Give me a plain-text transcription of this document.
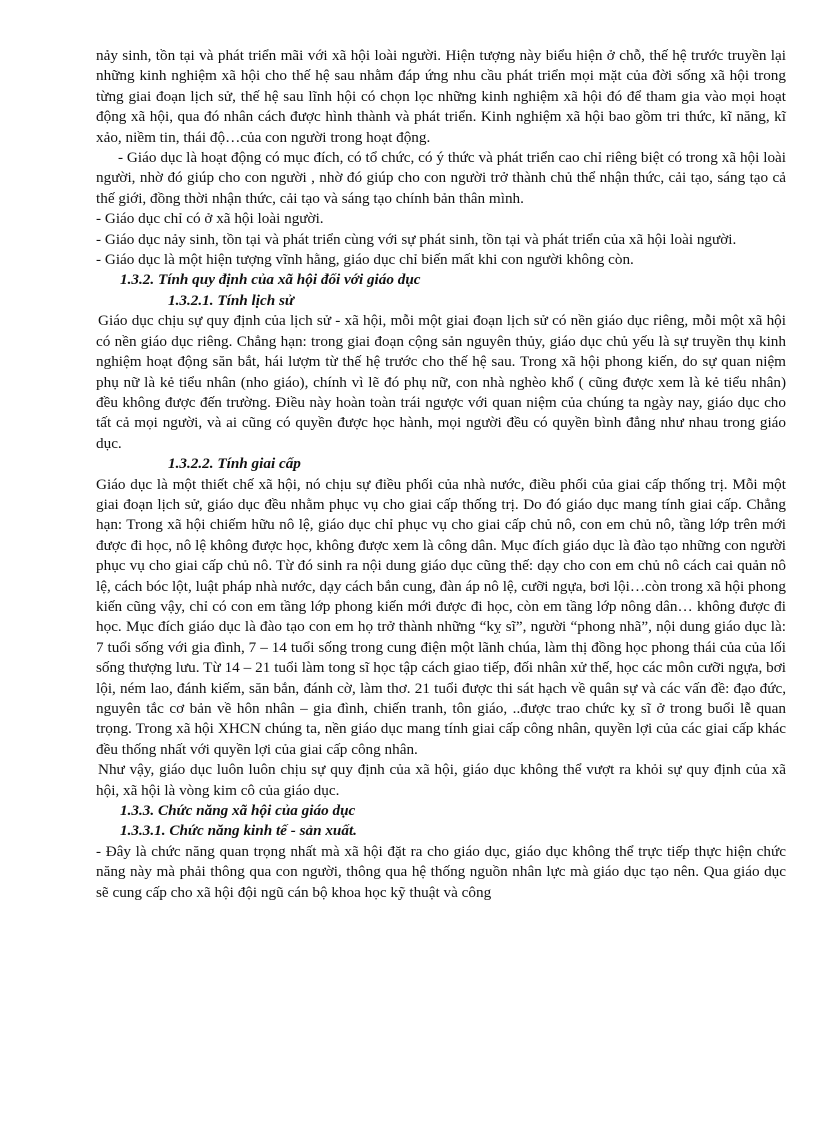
nảy sinh, tồn tại và phát triển mãi với xã hội loài người. Hiện tượng này biểu hiện ở chỗ, thế hệ trước truyền lại những kinh nghiệm xã hội cho thế hệ sau nhằm đáp ứng nhu cầu phát triển mọi mặt của đời sống xã hội trong từng giai đoạn lịch sử, thế hệ sau lĩnh hội có chọn lọc những kinh nghiệm xã hội đó để tham gia vào mọi hoạt động xã hội, qua đó nhân cách được hình thành và phát triển. Kinh nghiệm xã hội bao gồm tri thức, kĩ năng, kĩ xảo, niềm tin, thái độ…của con người trong hoạt động.

- Giáo dục là hoạt động có mục đích, có tổ chức, có ý thức và phát triển cao chỉ riêng biệt có trong xã hội loài người, nhờ đó giúp cho con người , nhờ đó giúp cho con người trở thành chủ thể nhận thức, cải tạo, sáng tạo cả thế giới, đồng thời nhận thức, cải tạo và sáng tạo chính bản thân mình.

- Giáo dục chỉ có ở xã hội loài người.

- Giáo dục nảy sinh, tồn tại và phát triển cùng với sự phát sinh, tồn tại và phát triển của xã hội loài người.

- Giáo dục là một hiện tượng vĩnh hằng, giáo dục chỉ biến mất khi con người không còn.

1.3.2. Tính quy định của xã hội đối với giáo dục

1.3.2.1. Tính lịch sử

Giáo dục chịu sự quy định của lịch sử - xã hội, mỗi một giai đoạn lịch sử có nền giáo dục riêng, mỗi một xã hội có nền giáo dục riêng. Chẳng hạn: trong giai đoạn cộng sản nguyên thủy, giáo dục chủ yếu là sự truyền thụ kinh nghiệm hoạt động săn bắt, hái lượm từ thế hệ trước cho thế hệ sau. Trong xã hội phong kiến, do sự quan niệm phụ nữ là kẻ tiểu nhân (nho giáo), chính vì lẽ đó phụ nữ, con nhà nghèo khổ ( cũng được xem là kẻ tiểu nhân) đều không được đến trường. Điều này hoàn toàn trái ngược với quan niệm của chúng ta ngày nay, giáo dục cho tất cả mọi người, và ai cũng có quyền được học hành, mọi người đều có quyền bình đẳng như nhau trong giáo dục.

1.3.2.2. Tính giai cấp

Giáo dục là một thiết chế xã hội, nó chịu sự điều phối của nhà nước, điều phối của giai cấp thống trị. Mỗi một giai đoạn lịch sử, giáo dục đều nhằm phục vụ cho giai cấp thống trị. Do đó giáo dục mang tính giai cấp. Chẳng hạn: Trong xã hội chiếm hữu nô lệ, giáo dục chỉ phục vụ cho giai cấp chủ nô, con em chủ nô, tầng lớp trên mới được đi học, nô lệ không được học, không được xem là công dân. Mục đích giáo dục là đào tạo những con người phục vụ cho giai cấp chủ nô. Từ đó sinh ra nội dung giáo dục cũng thế: dạy cho con em chủ nô cách cai quản nô lệ, cách bóc lột, luật pháp nhà nước, dạy cách bắn cung, đàn áp nô lệ, cưỡi ngựa, bơi lội…còn trong xã hội phong kiến cũng vậy, chỉ có con em tầng lớp phong kiến mới được đi học, còn em tầng lớp nông dân… không được đi học. Mục đích giáo dục là đào tạo con em họ trở thành những “kỵ sĩ”, người “phong nhã”, nội dung giáo dục là: 7 tuổi sống với gia đình, 7 – 14 tuổi sống trong cung điện một lãnh chúa, làm thị đồng học phong thái của của lối sống thượng lưu. Từ 14 – 21 tuổi làm tong sĩ học tập cách giao tiếp, đối nhân xử thế, học các môn cưỡi ngựa, bơi lội, ném lao, đánh kiếm, săn bắn, đánh cờ, làm thơ. 21 tuổi được thi sát hạch về quân sự và các vấn đề: đạo đức, nguyên tắc cơ bản về hôn nhân – gia đình, chiến tranh, tôn giáo, ..được trao chức kỵ sĩ ở trong buổi lễ quan trọng. Trong xã hội XHCN chúng ta, nền giáo dục mang tính giai cấp công nhân, quyền lợi của các giai cấp khác đều thống nhất với quyền lợi của giai cấp công nhân.

Như vậy, giáo dục luôn luôn chịu sự quy định của xã hội, giáo dục không thể vượt ra khỏi sự quy định của xã hội, xã hội là vòng kim cô của giáo dục.

1.3.3. Chức năng xã hội của giáo dục

1.3.3.1. Chức năng kinh tế - sản xuất.

- Đây là chức năng quan trọng nhất mà xã hội đặt ra cho giáo dục, giáo dục không thể trực tiếp thực hiện chức năng này mà phải thông qua con người, thông qua hệ thống nguồn nhân lực mà giáo dục tạo nên. Qua giáo dục sẽ cung cấp cho xã hội đội ngũ cán bộ khoa học kỹ thuật và công
